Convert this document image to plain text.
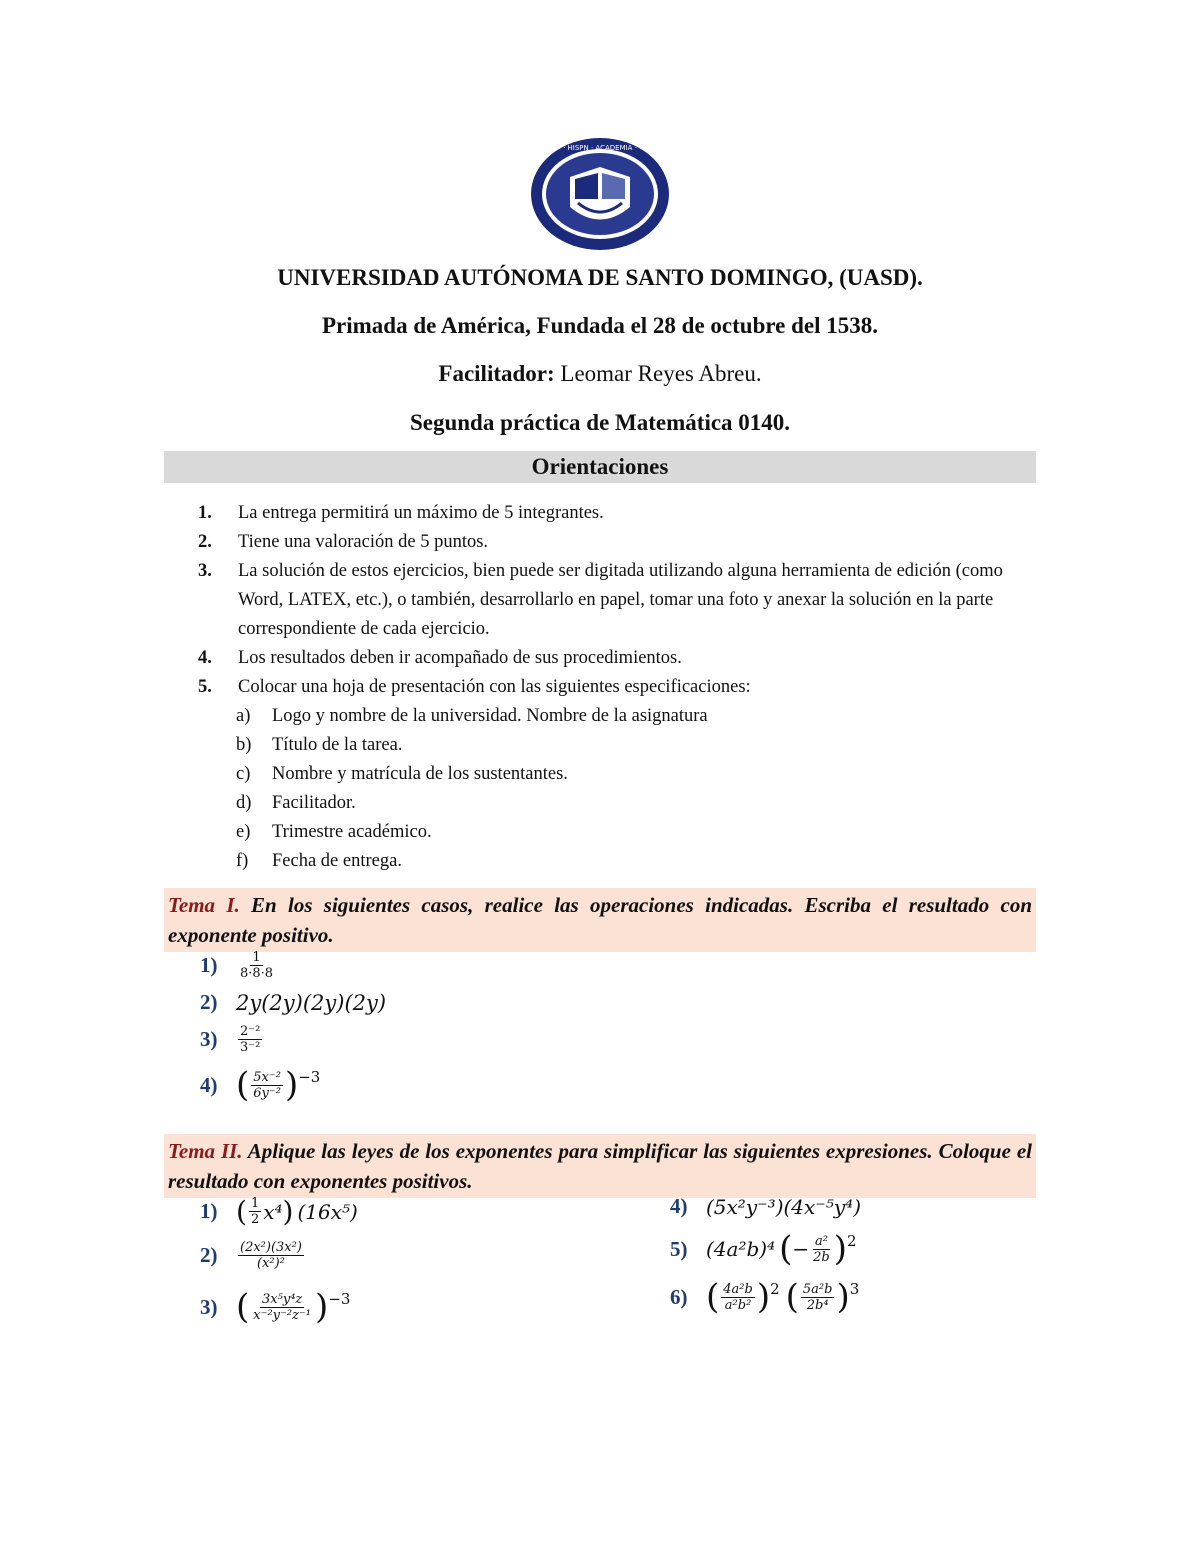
· HISPN · ACADEMIA ·
UNIVERSIDAD AUTÓNOMA DE SANTO DOMINGO, (UASD).
Primada de América, Fundada el 28 de octubre del 1538.
Facilitador: Leomar Reyes Abreu.
Segunda práctica de Matemática 0140.
Orientaciones
1. La entrega permitirá un máximo de 5 integrantes.
2. Tiene una valoración de 5 puntos.
3. La solución de estos ejercicios, bien puede ser digitada utilizando alguna herramienta de edición (como Word, LATEX, etc.), o también, desarrollarlo en papel, tomar una foto y anexar la solución en la parte correspondiente de cada ejercicio.
4. Los resultados deben ir acompañado de sus procedimientos.
5. Colocar una hoja de presentación con las siguientes especificaciones:
a) Logo y nombre de la universidad. Nombre de la asignatura
b) Título de la tarea.
c) Nombre y matrícula de los sustentantes.
d) Facilitador.
e) Trimestre académico.
f) Fecha de entrega.
Tema I. En los siguientes casos, realice las operaciones indicadas. Escriba el resultado con exponente positivo.
1)	$\frac{1}{8\cdot 8\cdot 8}$
2) 2y(2y)(2y)(2y)
3)	$\frac{\text{2⁻²}}{\text{3⁻²}}$
4) ( $\frac{\text{5x⁻²}}{\text{6y⁻²}} )^{-3}$
Tema II. Aplique las leyes de los exponentes para simplificar las siguientes expresiones. Coloque el resultado con exponentes positivos.
1) ( $\frac{1}{2} x^4$ ) (16x⁵)
2)	$\frac{\text{(2x²)(3x²)}}{\text{(x²)²}}$
3) ( $\frac{\text{3x⁵y⁴z}}{\text{x⁻²y⁻²z⁻¹}} )^{-3}$
4) (5x²y⁻³)(4x⁻⁵y⁴)
5) (4a²b)⁴ ( − $\frac{\text{a²}}{2b} )^2$
6) ( $\frac{\text{4a²b}}{\text{a²b²}} )^2$ ( $\frac{\text{5a²b}}{\text{2b⁴}} )^3$
